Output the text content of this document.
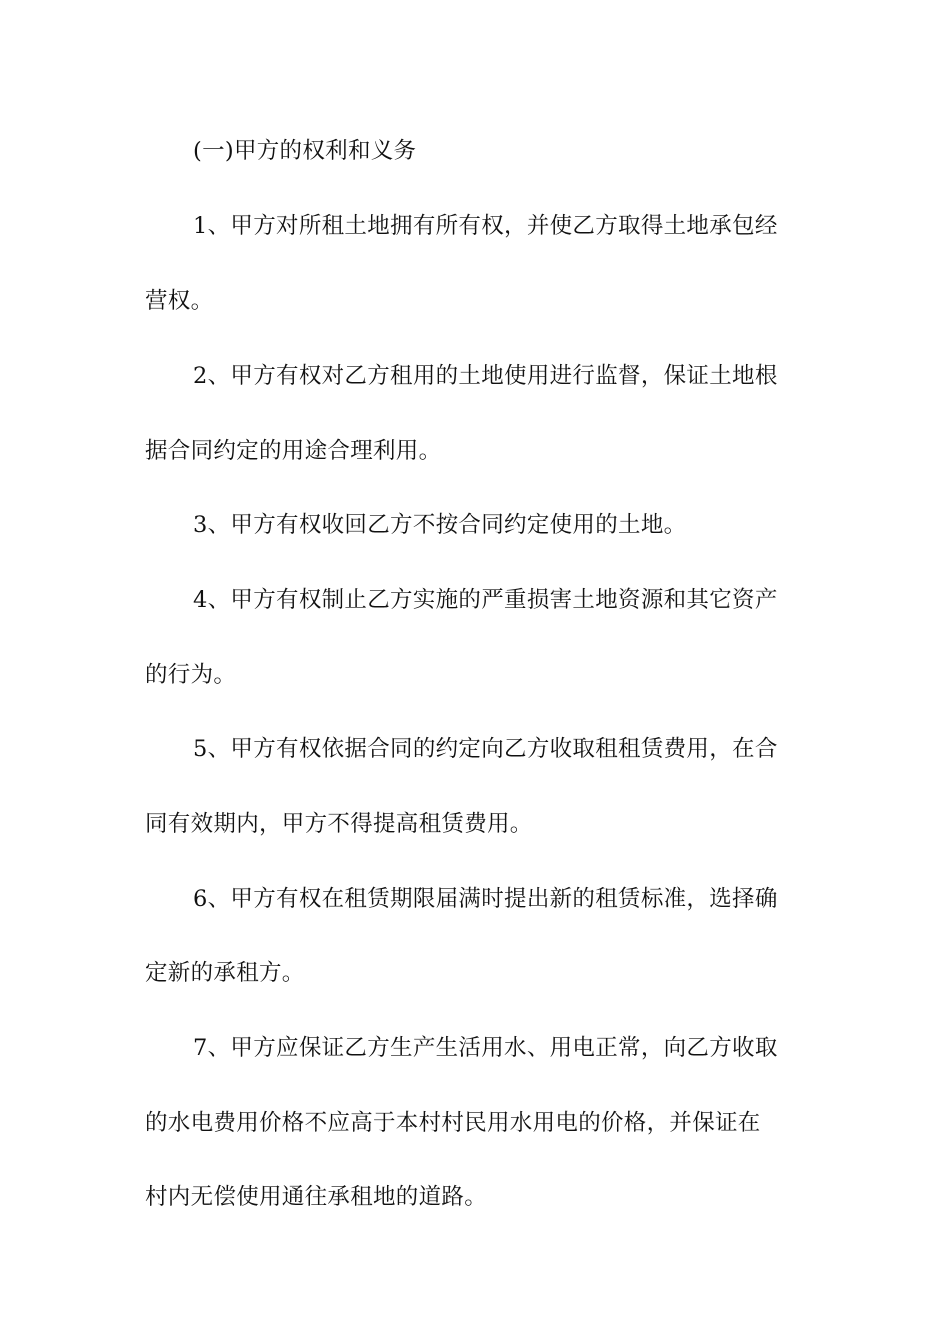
(一)甲方的权利和义务
1、甲方对所租土地拥有所有权，并使乙方取得土地承包经
营权。
2、甲方有权对乙方租用的土地使用进行监督，保证土地根
据合同约定的用途合理利用。
3、甲方有权收回乙方不按合同约定使用的土地。
4、甲方有权制止乙方实施的严重损害土地资源和其它资产
的行为。
5、甲方有权依据合同的约定向乙方收取租租赁费用，在合
同有效期内，甲方不得提高租赁费用。
6、甲方有权在租赁期限届满时提出新的租赁标准，选择确
定新的承租方。
7、甲方应保证乙方生产生活用水、用电正常，向乙方收取
的水电费用价格不应高于本村村民用水用电的价格，并保证在
村内无偿使用通往承租地的道路。
